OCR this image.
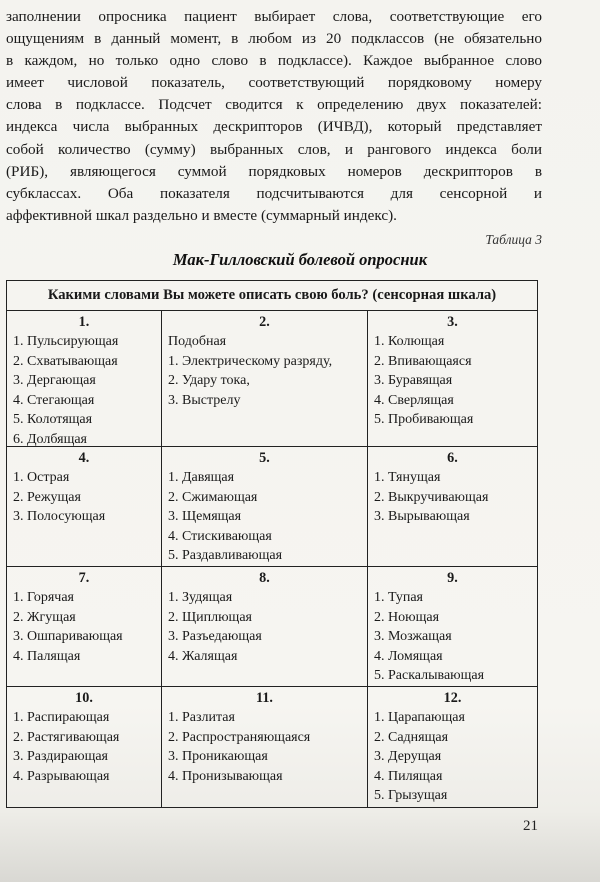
заполнении опросника пациент выбирает слова, соответствующие его
ощущениям в данный момент, в любом из 20 подклассов (не обязательно
в каждом, но только одно слово в подклассе). Каждое выбранное слово
имеет числовой показатель, соответствующий порядковому номеру
слова в подклассе. Подсчет сводится к определению двух показателей:
индекса числа выбранных дескрипторов (ИЧВД), который представляет
собой количество (сумму) выбранных слов, и рангового индекса боли
(РИБ), являющегося суммой порядковых номеров дескрипторов в
субклассах. Оба показателя подсчитываются для сенсорной и
аффективной шкал раздельно и вместе (суммарный индекс).

Таблица 3
Мак-Гилловский болевой опросник
Какими словами Вы можете описать свою боль? (сенсорная шкала)
1.
1. Пульсирующая
2. Схватывающая
3. Дергающая
4. Стегающая
5. Колотящая
6. Долбящая
2.
Подобная
1. Электрическому разряду,
2. Удару тока,
3. Выстрелу
3.
1. Колющая
2. Впивающаяся
3. Буравящая
4. Сверлящая
5. Пробивающая
4.
1. Острая
2. Режущая
3. Полосующая
5.
1. Давящая
2. Сжимающая
3. Щемящая
4. Стискивающая
5. Раздавливающая
6.
1. Тянущая
2. Выкручивающая
3. Вырывающая
7.
1. Горячая
2. Жгущая
3. Ошпаривающая
4. Палящая
8.
1. Зудящая
2. Щиплющая
3. Разъедающая
4. Жалящая
9.
1. Тупая
2. Ноющая
3. Мозжащая
4. Ломящая
5. Раскалывающая
10.
1. Распирающая
2. Растягивающая
3. Раздирающая
4. Разрывающая
11.
1. Разлитая
2. Распространяющаяся
3. Проникающая
4. Пронизывающая
12.
1. Царапающая
2. Саднящая
3. Дерущая
4. Пилящая
5. Грызущая
21
